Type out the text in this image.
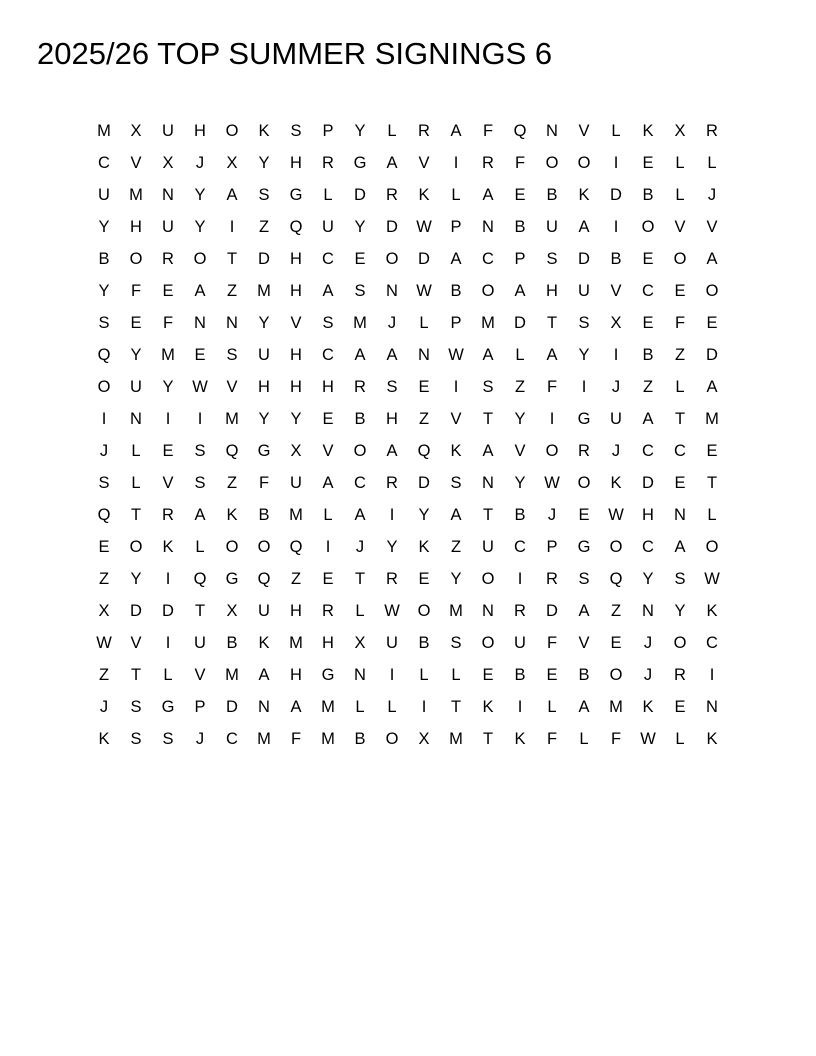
2025/26 TOP SUMMER SIGNINGS 6
M	X	U	H	O	K	S	P	Y	L	R	A	F	Q	N	V	L	K	X	R
C	V	X	J	X	Y	H	R	G	A	V	I	R	F	O	O	I	E	L	L
U	M	N	Y	A	S	G	L	D	R	K	L	A	E	B	K	D	B	L	J
Y	H	U	Y	I	Z	Q	U	Y	D	W	P	N	B	U	A	I	O	V	V
B	O	R	O	T	D	H	C	E	O	D	A	C	P	S	D	B	E	O	A
Y	F	E	A	Z	M	H	A	S	N	W	B	O	A	H	U	V	C	E	O
S	E	F	N	N	Y	V	S	M	J	L	P	M	D	T	S	X	E	F	E
Q	Y	M	E	S	U	H	C	A	A	N	W	A	L	A	Y	I	B	Z	D
O	U	Y	W	V	H	H	H	R	S	E	I	S	Z	F	I	J	Z	L	A
I	N	I	I	M	Y	Y	E	B	H	Z	V	T	Y	I	G	U	A	T	M
J	L	E	S	Q	G	X	V	O	A	Q	K	A	V	O	R	J	C	C	E
S	L	V	S	Z	F	U	A	C	R	D	S	N	Y	W	O	K	D	E	T
Q	T	R	A	K	B	M	L	A	I	Y	A	T	B	J	E	W	H	N	L
E	O	K	L	O	O	Q	I	J	Y	K	Z	U	C	P	G	O	C	A	O
Z	Y	I	Q	G	Q	Z	E	T	R	E	Y	O	I	R	S	Q	Y	S	W
X	D	D	T	X	U	H	R	L	W	O	M	N	R	D	A	Z	N	Y	K
W	V	I	U	B	K	M	H	X	U	B	S	O	U	F	V	E	J	O	C
Z	T	L	V	M	A	H	G	N	I	L	L	E	B	E	B	O	J	R	I
J	S	G	P	D	N	A	M	L	L	I	T	K	I	L	A	M	K	E	N
K	S	S	J	C	M	F	M	B	O	X	M	T	K	F	L	F	W	L	K
